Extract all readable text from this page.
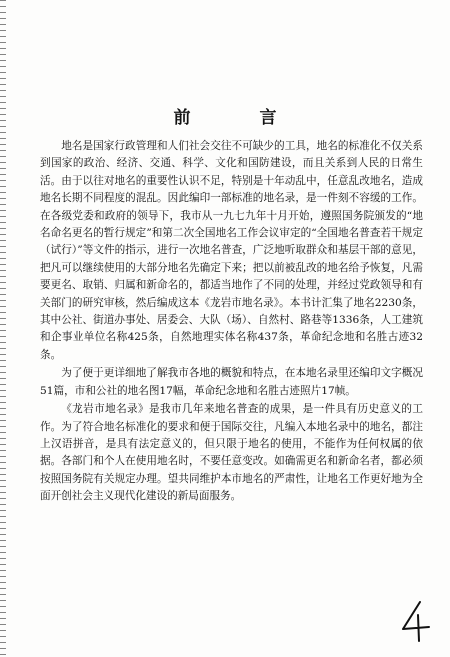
前　言

地名是国家行政管理和人们社会交往不可缺少的工具，地名的标准化不仅关系到国家的政治、经济、交通、科学、文化和国防建设，而且关系到人民的日常生活。由于以往对地名的重要性认识不足，特别是十年动乱中，任意乱改地名，造成地名长期不同程度的混乱。因此编印一部标准的地名录，是一件刻不容缓的工作。在各级党委和政府的领导下，我市从一九七九年十月开始，遵照国务院颁发的“地名命名更名的暂行规定”和第二次全国地名工作会议审定的“全国地名普查若干规定（试行）”等文件的指示，进行一次地名普查，广泛地听取群众和基层干部的意见，把凡可以继续使用的大部分地名先确定下来；把以前被乱改的地名给予恢复，凡需要更名、取销、归属和新命名的，都适当地作了不同的处理，并经过党政领导和有关部门的研究审核，然后编成这本《龙岩市地名录》。本书计汇集了地名2230条，其中公社、街道办事处、居委会、大队（场）、自然村、路巷等1336条，人工建筑和企事业单位名称425条，自然地理实体名称437条，革命纪念地和名胜古迹32条。

为了便于更详细地了解我市各地的概貌和特点，在本地名录里还编印文字概况51篇，市和公社的地名图17幅，革命纪念地和名胜古迹照片17帧。

《龙岩市地名录》是我市几年来地名普查的成果，是一件具有历史意义的工作。为了符合地名标准化的要求和便于国际交往，凡编入本地名录中的地名，都注上汉语拼音，是具有法定意义的，但只限于地名的使用，不能作为任何权属的依据。各部门和个人在使用地名时，不要任意变改。如确需更名和新命名者，都必须按照国务院有关规定办理。望共同维护本市地名的严肃性，让地名工作更好地为全面开创社会主义现代化建设的新局面服务。
